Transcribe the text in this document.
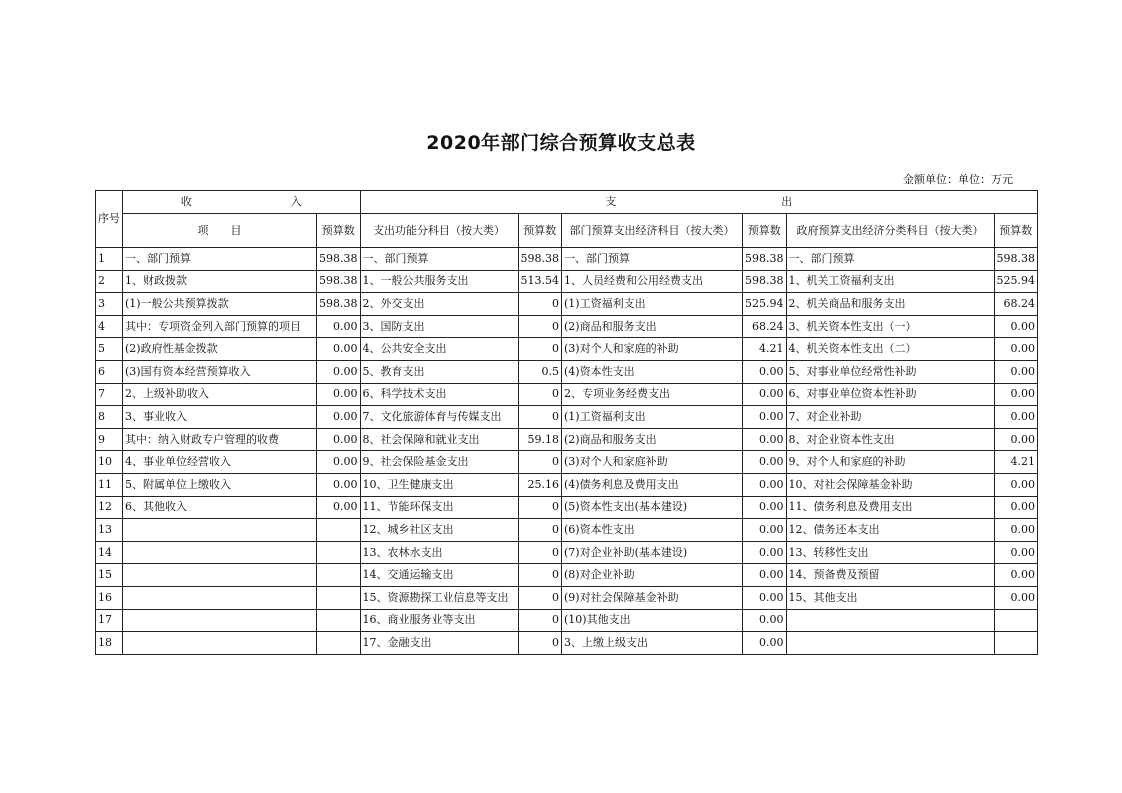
2020年部门综合预算收支总表
金额单位：单位：万元
序号	收　　　　　　　　　入		支　　　　　　　　　　　　　　　出					
	项　　目	预算数	支出功能分科目（按大类）	预算数	部门预算支出经济科目（按大类）	预算数	政府预算支出经济分类科目（按大类）	预算数
1	一、部门预算	598.38	一、部门预算	598.38	一、部门预算	598.38	一、部门预算	598.38
2	1、财政拨款	598.38	1、一般公共服务支出	513.54	1、人员经费和公用经费支出	598.38	1、机关工资福利支出	525.94
3	(1)一般公共预算拨款	598.38	2、外交支出	0	(1)工资福利支出	525.94	2、机关商品和服务支出	68.24
4	其中：专项资金列入部门预算的项目	0.00	3、国防支出	0	(2)商品和服务支出	68.24	3、机关资本性支出（一）	0.00
5	(2)政府性基金拨款	0.00	4、公共安全支出	0	(3)对个人和家庭的补助	4.21	4、机关资本性支出（二）	0.00
6	(3)国有资本经营预算收入	0.00	5、教育支出	0.5	(4)资本性支出	0.00	5、对事业单位经常性补助	0.00
7	2、上级补助收入	0.00	6、科学技术支出	0	2、专项业务经费支出	0.00	6、对事业单位资本性补助	0.00
8	3、事业收入	0.00	7、文化旅游体育与传媒支出	0	(1)工资福利支出	0.00	7、对企业补助	0.00
9	其中：纳入财政专户管理的收费	0.00	8、社会保障和就业支出	59.18	(2)商品和服务支出	0.00	8、对企业资本性支出	0.00
10	4、事业单位经营收入	0.00	9、社会保险基金支出	0	(3)对个人和家庭补助	0.00	9、对个人和家庭的补助	4.21
11	5、附属单位上缴收入	0.00	10、卫生健康支出	25.16	(4)债务利息及费用支出	0.00	10、对社会保障基金补助	0.00
12	6、其他收入	0.00	11、节能环保支出	0	(5)资本性支出(基本建设)	0.00	11、债务利息及费用支出	0.00
13			12、城乡社区支出	0	(6)资本性支出	0.00	12、债务还本支出	0.00
14			13、农林水支出	0	(7)对企业补助(基本建设)	0.00	13、转移性支出	0.00
15			14、交通运输支出	0	(8)对企业补助	0.00	14、预备费及预留	0.00
16			15、资源勘探工业信息等支出	0	(9)对社会保障基金补助	0.00	15、其他支出	0.00
17			16、商业服务业等支出	0	(10)其他支出	0.00		
18			17、金融支出	0	3、上缴上级支出	0.00		
